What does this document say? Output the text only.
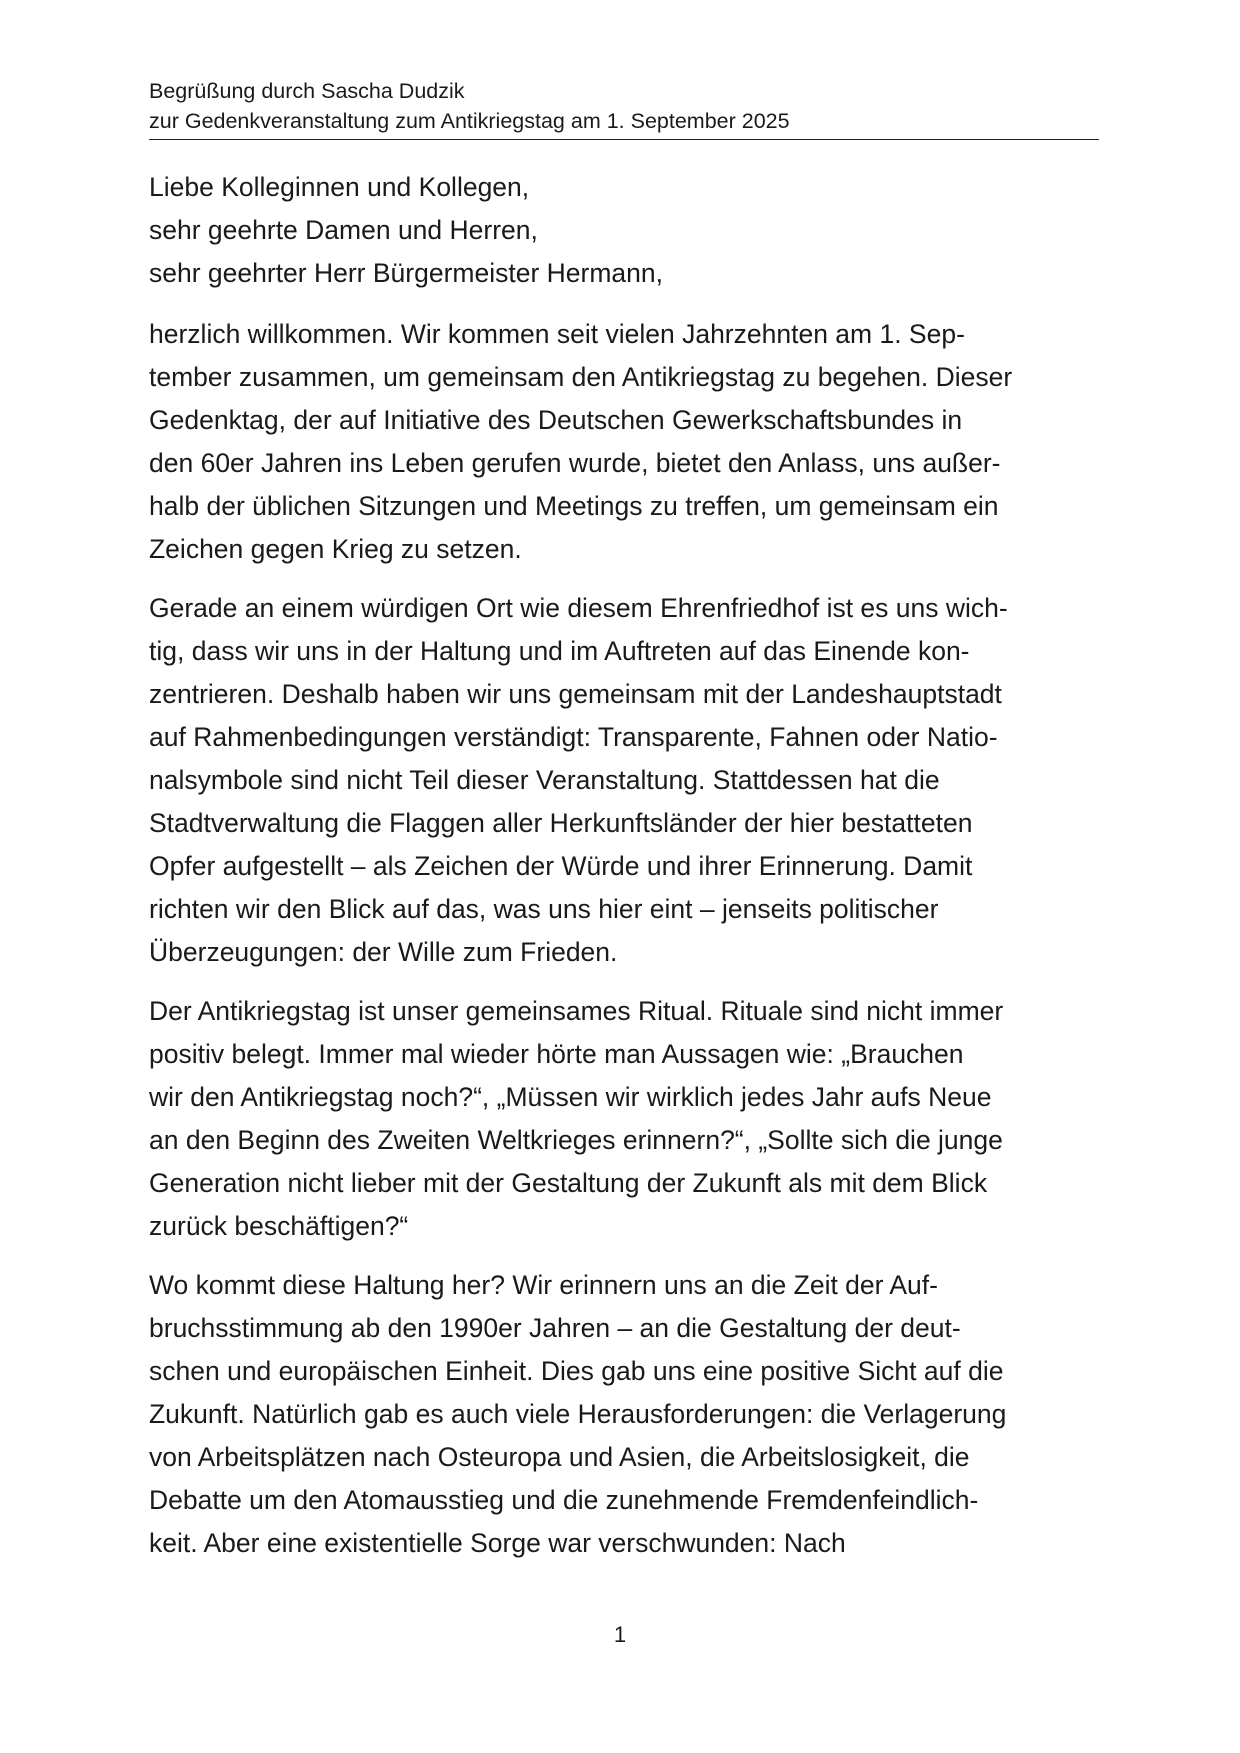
Begrüßung durch Sascha Dudzik
zur Gedenkveranstaltung zum Antikriegstag am 1. September 2025
Liebe Kolleginnen und Kollegen,
sehr geehrte Damen und Herren,
sehr geehrter Herr Bürgermeister Hermann,
herzlich willkommen. Wir kommen seit vielen Jahrzehnten am 1. Sep-
tember zusammen, um gemeinsam den Antikriegstag zu begehen. Dieser
Gedenktag, der auf Initiative des Deutschen Gewerkschaftsbundes in
den 60er Jahren ins Leben gerufen wurde, bietet den Anlass, uns außer-
halb der üblichen Sitzungen und Meetings zu treffen, um gemeinsam ein
Zeichen gegen Krieg zu setzen.
Gerade an einem würdigen Ort wie diesem Ehrenfriedhof ist es uns wich-
tig, dass wir uns in der Haltung und im Auftreten auf das Einende kon-
zentrieren. Deshalb haben wir uns gemeinsam mit der Landeshauptstadt
auf Rahmenbedingungen verständigt: Transparente, Fahnen oder Natio-
nalsymbole sind nicht Teil dieser Veranstaltung. Stattdessen hat die
Stadtverwaltung die Flaggen aller Herkunftsländer der hier bestatteten
Opfer aufgestellt – als Zeichen der Würde und ihrer Erinnerung. Damit
richten wir den Blick auf das, was uns hier eint – jenseits politischer
Überzeugungen: der Wille zum Frieden.
Der Antikriegstag ist unser gemeinsames Ritual. Rituale sind nicht immer
positiv belegt. Immer mal wieder hörte man Aussagen wie: „Brauchen
wir den Antikriegstag noch?“, „Müssen wir wirklich jedes Jahr aufs Neue
an den Beginn des Zweiten Weltkrieges erinnern?“, „Sollte sich die junge
Generation nicht lieber mit der Gestaltung der Zukunft als mit dem Blick
zurück beschäftigen?“
Wo kommt diese Haltung her? Wir erinnern uns an die Zeit der Auf-
bruchsstimmung ab den 1990er Jahren – an die Gestaltung der deut-
schen und europäischen Einheit. Dies gab uns eine positive Sicht auf die
Zukunft. Natürlich gab es auch viele Herausforderungen: die Verlagerung
von Arbeitsplätzen nach Osteuropa und Asien, die Arbeitslosigkeit, die
Debatte um den Atomausstieg und die zunehmende Fremdenfeindlich-
keit. Aber eine existentielle Sorge war verschwunden: Nach
1
